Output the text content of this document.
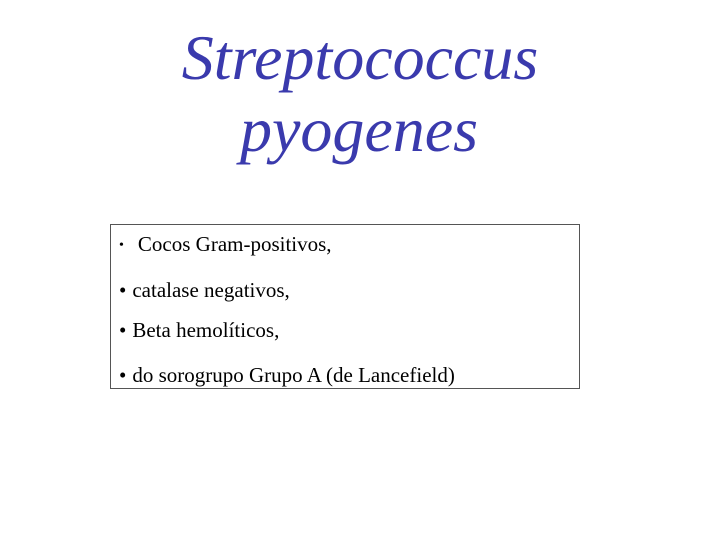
Streptococcus
pyogenes
• Cocos Gram-positivos,
• catalase negativos,
• Beta hemolíticos,
• do sorogrupo Grupo A (de Lancefield)
